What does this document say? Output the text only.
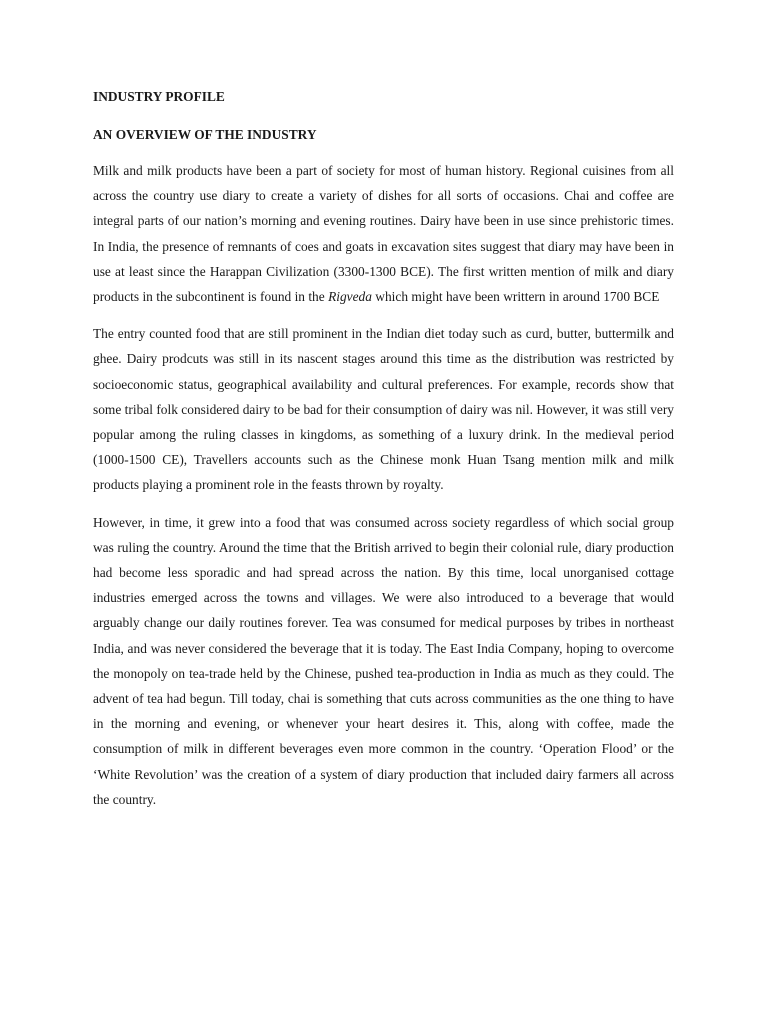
INDUSTRY PROFILE

AN OVERVIEW OF THE INDUSTRY

Milk and milk products have been a part of society for most of human history. Regional cuisines from all across the country use diary to create a variety of dishes for all sorts of occasions. Chai and coffee are integral parts of our nation’s morning and evening routines. Dairy have been in use since prehistoric times. In India, the presence of remnants of coes and goats in excavation sites suggest that diary may have been in use at least since the Harappan Civilization (3300-1300 BCE). The first written mention of milk and diary products in the subcontinent is found in the Rigveda which might have been writtern in around 1700 BCE

The entry counted food that are still prominent in the Indian diet today such as curd, butter, buttermilk and ghee. Dairy prodcuts was still in its nascent stages around this time as the distribution was restricted by socioeconomic status, geographical availability and cultural preferences. For example, records show that some tribal folk considered dairy to be bad for their consumption of dairy was nil. However, it was still very popular among the ruling classes in kingdoms, as something of a luxury drink. In the medieval period (1000-1500 CE), Travellers accounts such as the Chinese monk Huan Tsang mention milk and milk products playing a prominent role in the feasts thrown by royalty.

However, in time, it grew into a food that was consumed across society regardless of which social group was ruling the country. Around the time that the British arrived to begin their colonial rule, diary production had become less sporadic and had spread across the nation. By this time, local unorganised cottage industries emerged across the towns and villages. We were also introduced to a beverage that would arguably change our daily routines forever. Tea was consumed for medical purposes by tribes in northeast India, and was never considered the beverage that it is today. The East India Company, hoping to overcome the monopoly on tea-trade held by the Chinese, pushed tea-production in India as much as they could. The advent of tea had begun. Till today, chai is something that cuts across communities as the one thing to have in the morning and evening, or whenever your heart desires it. This, along with coffee, made the consumption of milk in different beverages even more common in the country. ‘Operation Flood’ or the ‘White Revolution’ was the creation of a system of diary production that included dairy farmers all across the country.
